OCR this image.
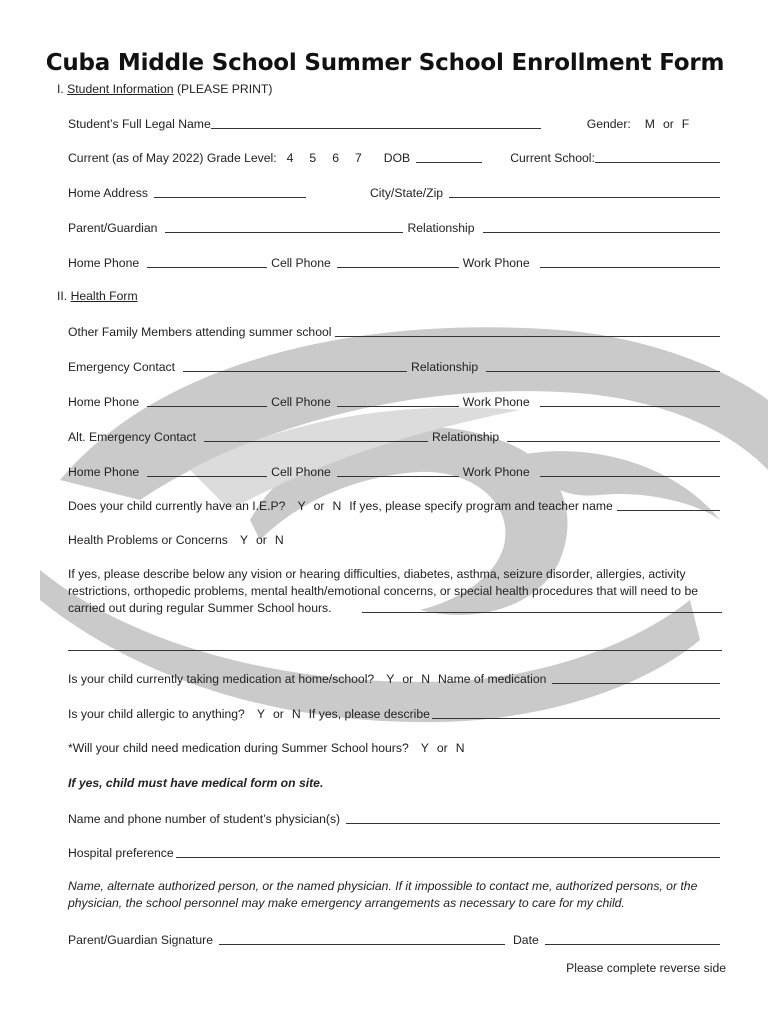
Cuba Middle School Summer School Enrollment Form
I.
Student Information
(PLEASE PRINT)
Student’s Full Legal Name	Gender: M or F
Current (as of May 2022) Grade Level: 4 5 6 7 DOB	Current School:
Home Address	City/State/Zip
Parent/Guardian	Relationship
Home Phone	Cell Phone	Work Phone
II.
Health Form
Other Family Members attending summer school
Emergency Contact	Relationship
Home Phone	Cell Phone	Work Phone
Alt. Emergency Contact	Relationship
Home Phone	Cell Phone	Work Phone
Does your child currently have an I.E.P? Y or N If yes, please specify program and teacher name
Health Problems or Concerns Y or N
If yes, please describe below any vision or hearing difficulties, diabetes, asthma, seizure disorder, allergies, activity restrictions, orthopedic problems, mental health/emotional concerns, or special health procedures that will need to be carried out during regular Summer School hours.
Is your child currently taking medication at home/school? Y or N Name of medication
Is your child allergic to anything? Y or N If yes, please describe
*Will your child need medication during Summer School hours? Y or N
If yes, child must have medical form on site.
Name and phone number of student’s physician(s)
Hospital preference
Name, alternate authorized person, or the named physician. If it impossible to contact me, authorized persons, or the physician, the school personnel may make emergency arrangements as necessary to care for my child.
Parent/Guardian Signature	Date
Please complete reverse side
